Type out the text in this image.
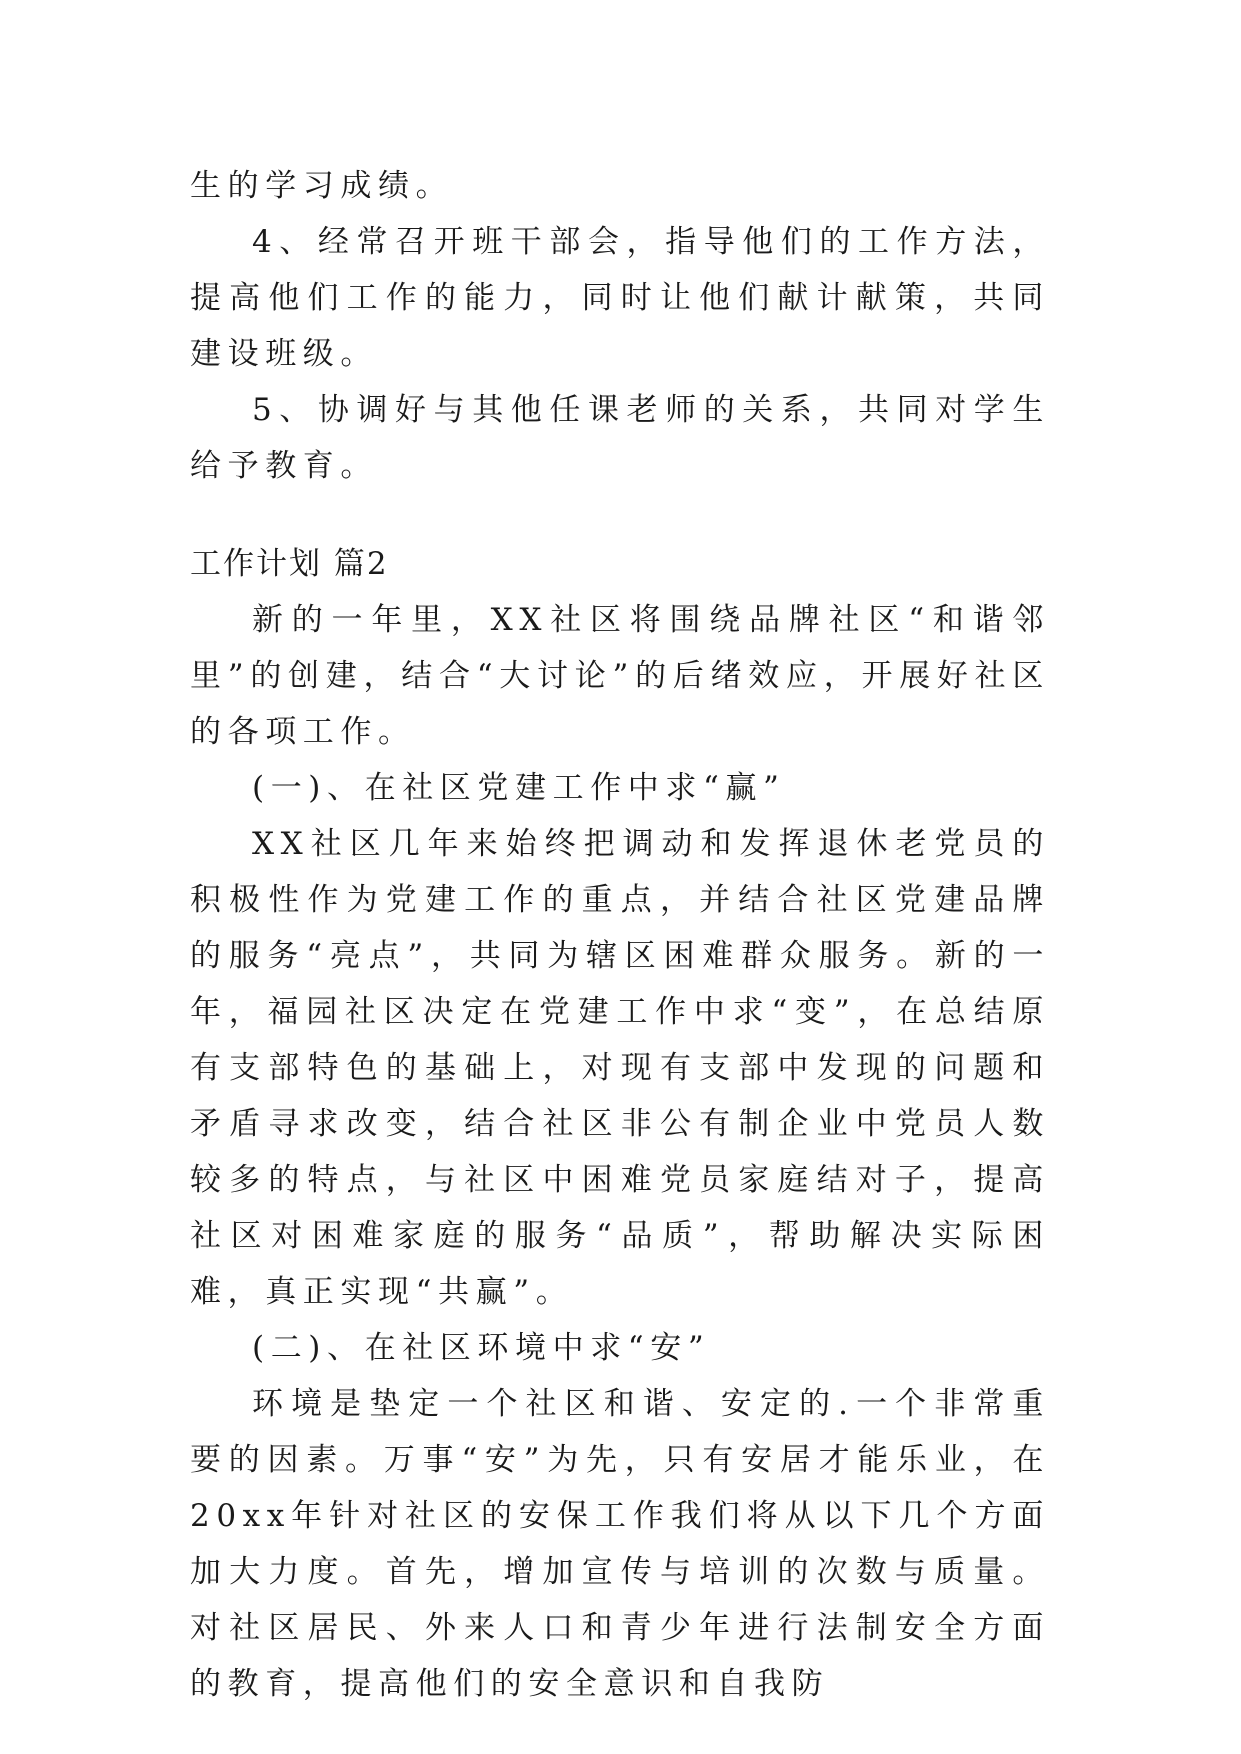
生的学习成绩。

4、经常召开班干部会，指导他们的工作方法，提高他们工作的能力，同时让他们献计献策，共同建设班级。

5、协调好与其他任课老师的关系，共同对学生给予教育。

工作计划 篇2

新的一年里，XX社区将围绕品牌社区“和谐邻里”的创建，结合“大讨论”的后绪效应，开展好社区的各项工作。

(一)、在社区党建工作中求“赢”

XX社区几年来始终把调动和发挥退休老党员的积极性作为党建工作的重点，并结合社区党建品牌的服务“亮点”，共同为辖区困难群众服务。新的一年，福园社区决定在党建工作中求“变”，在总结原有支部特色的基础上，对现有支部中发现的问题和矛盾寻求改变，结合社区非公有制企业中党员人数较多的特点，与社区中困难党员家庭结对子，提高社区对困难家庭的服务“品质”，帮助解决实际困难，真正实现“共赢”。

(二)、在社区环境中求“安”

环境是垫定一个社区和谐、安定的.一个非常重要的因素。万事“安”为先，只有安居才能乐业，在20xx年针对社区的安保工作我们将从以下几个方面加大力度。首先，增加宣传与培训的次数与质量。对社区居民、外来人口和青少年进行法制安全方面的教育，提高他们的安全意识和自我防
